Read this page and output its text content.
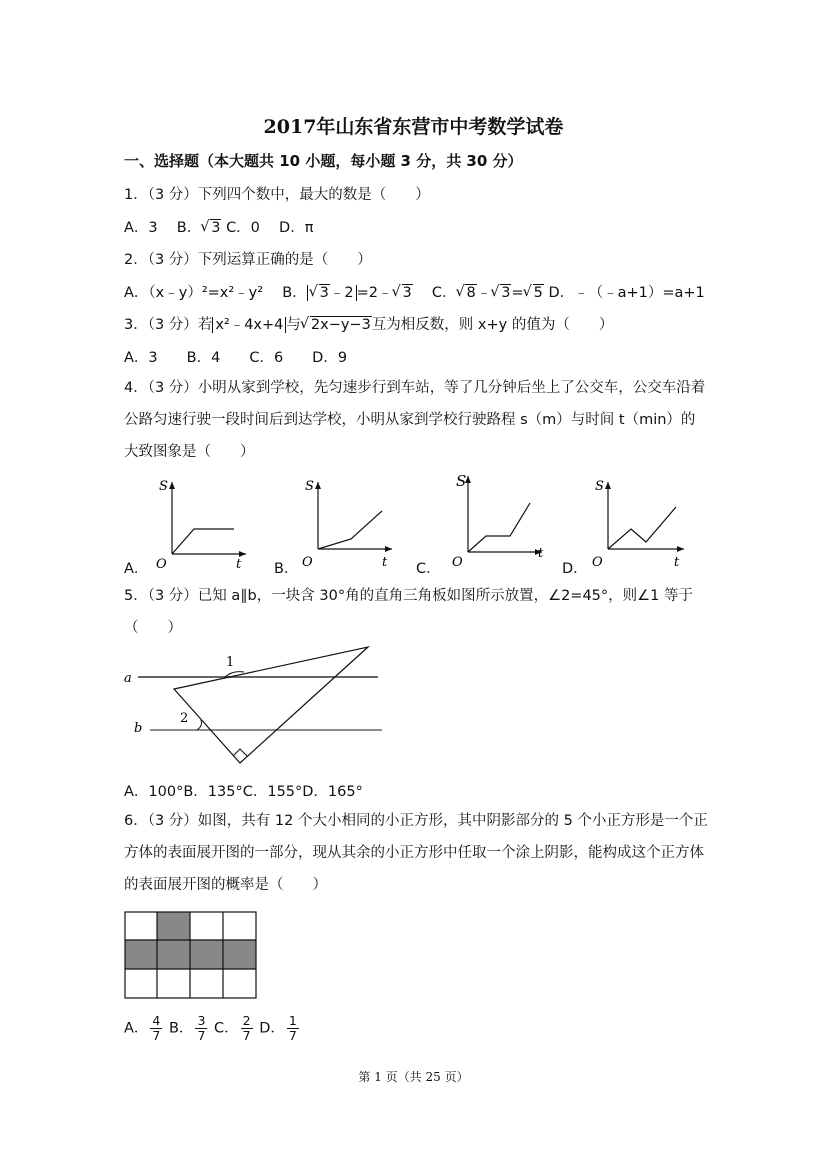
2017年山东省东营市中考数学试卷
一、选择题（本大题共 10 小题，每小题 3 分，共 30 分）
1．（3 分）下列四个数中，最大的数是（　　）
A．3　 B． √ 3 C．0　 D．π
2．（3 分）下列运算正确的是（　　）
A．（x﹣y）²=x²﹣y²　 B． √ 3﹣2 =2﹣ √ 3　 C． √ 8﹣ √ 3= √ 5 D．﹣（﹣a+1）=a+1
3．（3 分）若 x²﹣4x+4 与 √ 2x−y−3互为相反数，则 x+y 的值为（　　）
A．3　　B．4　　C．6　　D．9
4．（3 分）小明从家到学校，先匀速步行到车站，等了几分钟后坐上了公交车，公交车沿着公路匀速行驶一段时间后到达学校，小明从家到学校行驶路程 s（m）与时间 t（min）的大致图象是（　　）
A．
S
t
O	B．
S
t
O	C．
S
t
O	D．
S
t
O
5．（3 分）已知 a∥b，一块含 30°角的直角三角板如图所示放置，∠2=45°，则∠1 等于（　　）
a
b
1
2
A．100°B．135°C．155°D．165°
6．（3 分）如图，共有 12 个大小相同的小正方形，其中阴影部分的 5 个小正方形是一个正方体的表面展开图的一部分，现从其余的小正方形中任取一个涂上阴影，能构成这个正方体的表面展开图的概率是（　　）
A． $\frac{4}{7}$ B． $\frac{3}{7}$ C． $\frac{2}{7}$ D． $\frac{1}{7}$
第 1 页（共 25 页）
